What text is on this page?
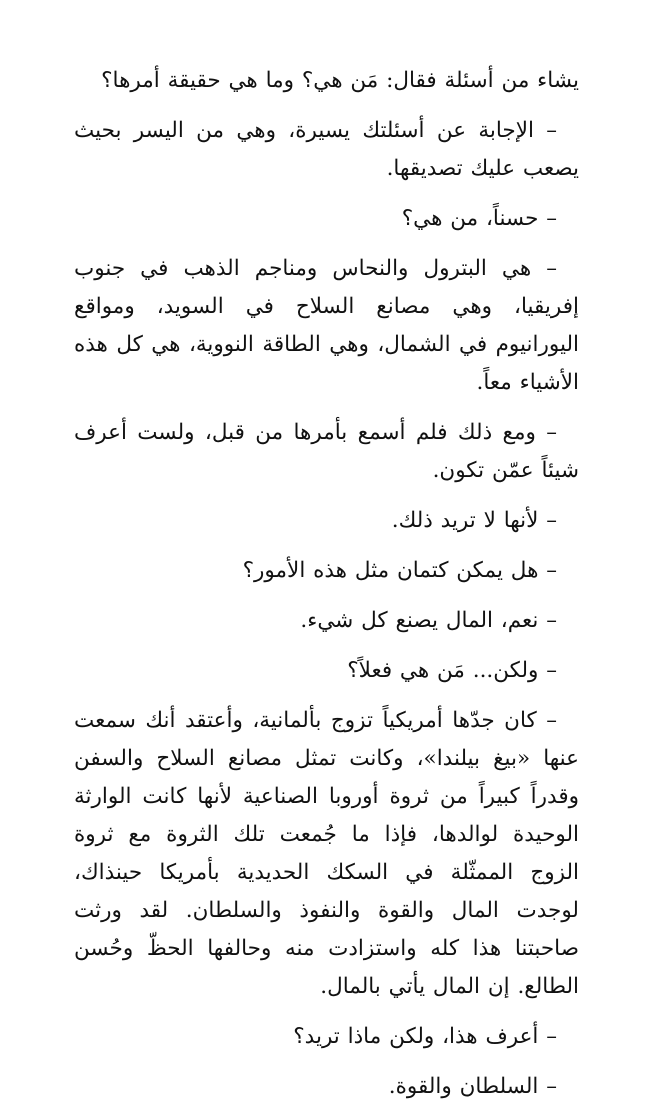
يشاء من أسئلة فقال: مَن هي؟ وما هي حقيقة أمرها؟

– الإجابة عن أسئلتك يسيرة، وهي من اليسر بحيث يصعب عليك تصديقها.

– حسناً، من هي؟

– هي البترول والنحاس ومناجم الذهب في جنوب إفريقيا، وهي مصانع السلاح في السويد، ومواقع اليورانيوم في الشمال، وهي الطاقة النووية، هي كل هذه الأشياء معاً.

– ومع ذلك فلم أسمع بأمرها من قبل، ولست أعرف شيئاً عمّن تكون.

– لأنها لا تريد ذلك.

– هل يمكن كتمان مثل هذه الأمور؟

– نعم، المال يصنع كل شيء.

– ولكن... مَن هي فعلاً؟

– كان جدّها أمريكياً تزوج بألمانية، وأعتقد أنك سمعت عنها «بيغ بيلندا»، وكانت تمثل مصانع السلاح والسفن وقدراً كبيراً من ثروة أوروبا الصناعية لأنها كانت الوارثة الوحيدة لوالدها، فإذا ما جُمعت تلك الثروة مع ثروة الزوج الممثّلة في السكك الحديدية بأمريكا حينذاك، لوجدت المال والقوة والنفوذ والسلطان. لقد ورثت صاحبتنا هذا كله واستزادت منه وحالفها الحظّ وحُسن الطالع. إن المال يأتي بالمال.

– أعرف هذا، ولكن ماذا تريد؟

– السلطان والقوة.
